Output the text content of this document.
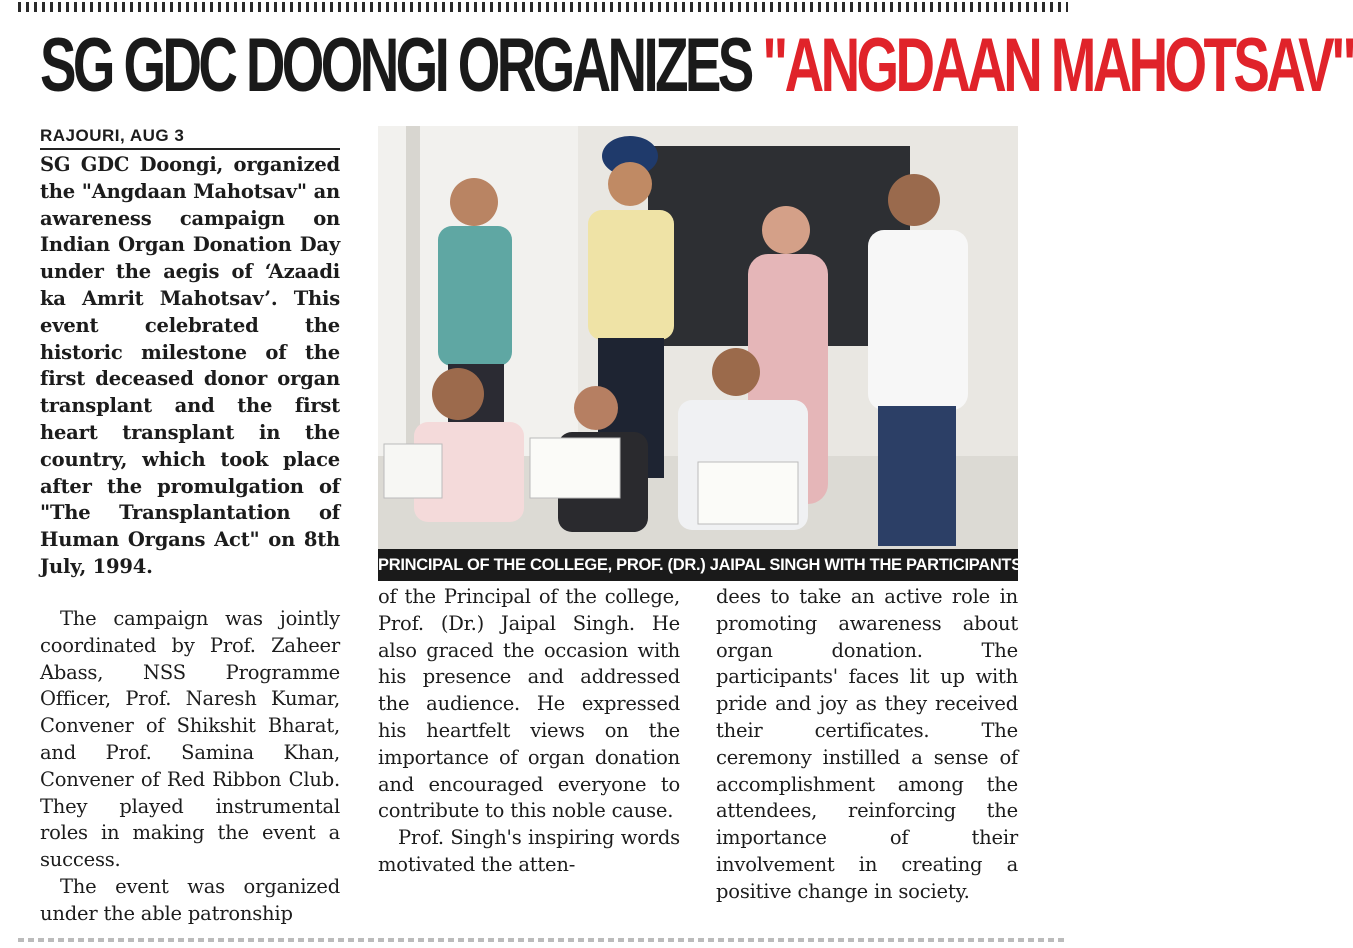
SG GDC DOONGI ORGANIZES "ANGDAAN MAHOTSAV"
RAJOURI, AUG 3

SG GDC Doongi, organized the "Angdaan Mahotsav" an awareness campaign on Indian Organ Donation Day under the aegis of ‘Azaadi ka Amrit Mahotsav’. This event celebrated the historic milestone of the first deceased donor organ transplant and the first heart transplant in the country, which took place after the promulgation of "The Transplantation of Human Organs Act" on 8th July, 1994.

The campaign was jointly coordinated by Prof. Zaheer Abass, NSS Programme Officer, Prof. Naresh Kumar, Convener of Shikshit Bharat, and Prof. Samina Khan, Convener of Red Ribbon Club. They played instrumental roles in making the event a success.

The event was organized under the able patronship

PRINCIPAL OF THE COLLEGE, PROF. (DR.) JAIPAL SINGH WITH THE PARTICIPANTS

of the Principal of the college, Prof. (Dr.) Jaipal Singh. He also graced the occasion with his presence and addressed the audience. He expressed his heartfelt views on the importance of organ donation and encouraged everyone to contribute to this noble cause.

Prof. Singh's inspiring words motivated the atten-

dees to take an active role in promoting awareness about organ donation. The participants' faces lit up with pride and joy as they received their certificates. The ceremony instilled a sense of accomplishment among the attendees, reinforcing the importance of their involvement in creating a positive change in society.
